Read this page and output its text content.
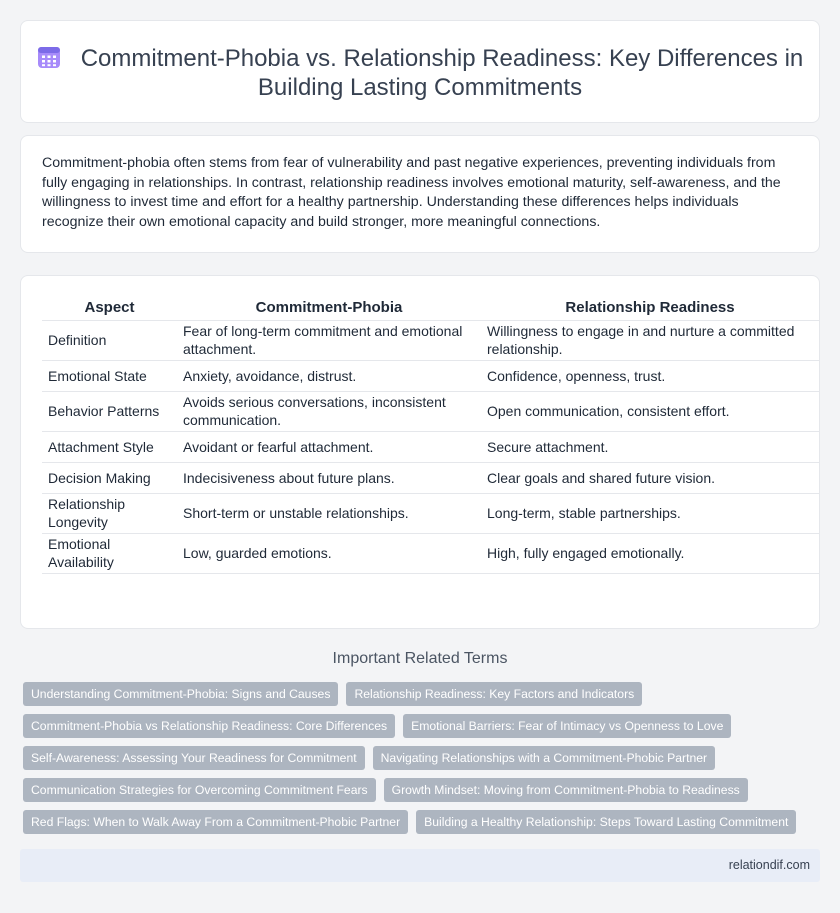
Commitment-Phobia vs. Relationship Readiness: Key Differences in Building Lasting Commitments

Commitment-phobia often stems from fear of vulnerability and past negative experiences, preventing individuals from fully engaging in relationships. In contrast, relationship readiness involves emotional maturity, self-awareness, and the willingness to invest time and effort for a healthy partnership. Understanding these differences helps individuals recognize their own emotional capacity and build stronger, more meaningful connections.

Aspect	Commitment-Phobia	Relationship Readiness
Definition	Fear of long-term commitment and emotional attachment.	Willingness to engage in and nurture a committed relationship.
Emotional State	Anxiety, avoidance, distrust.	Confidence, openness, trust.
Behavior Patterns	Avoids serious conversations, inconsistent communication.	Open communication, consistent effort.
Attachment Style	Avoidant or fearful attachment.	Secure attachment.
Decision Making	Indecisiveness about future plans.	Clear goals and shared future vision.
Relationship Longevity	Short-term or unstable relationships.	Long-term, stable partnerships.
Emotional Availability	Low, guarded emotions.	High, fully engaged emotionally.
Important Related Terms
Understanding Commitment-Phobia: Signs and Causes	Relationship Readiness: Key Factors and Indicators
Commitment-Phobia vs Relationship Readiness: Core Differences	Emotional Barriers: Fear of Intimacy vs Openness to Love
Self-Awareness: Assessing Your Readiness for Commitment	Navigating Relationships with a Commitment-Phobic Partner
Communication Strategies for Overcoming Commitment Fears	Growth Mindset: Moving from Commitment-Phobia to Readiness
Red Flags: When to Walk Away From a Commitment-Phobic Partner	Building a Healthy Relationship: Steps Toward Lasting Commitment
relationdif.com
